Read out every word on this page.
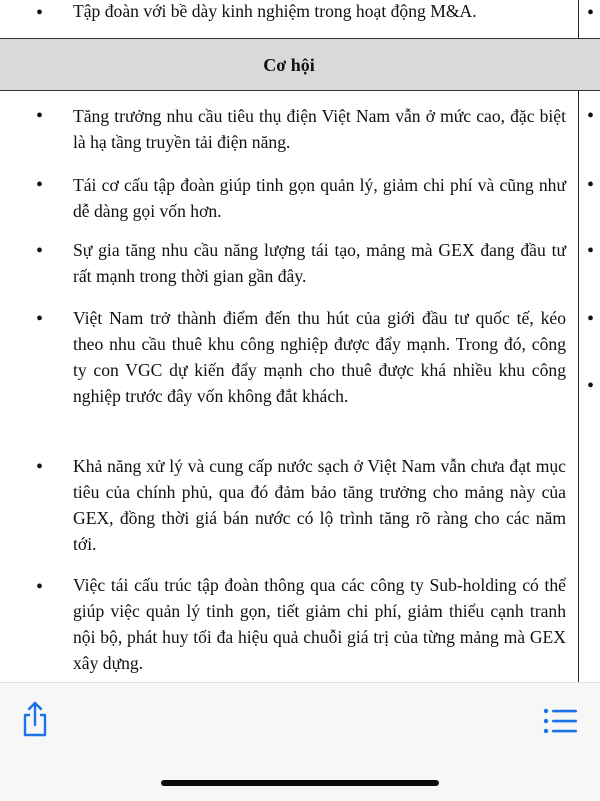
• Tập đoàn với bề dày kinh nghiệm trong hoạt động M&A.	•
Cơ hội
• Tăng trưởng nhu cầu tiêu thụ điện Việt Nam vẫn ở mức cao, đặc biệt là hạ tầng truyền tải điện năng.
•
• Tái cơ cấu tập đoàn giúp tinh gọn quản lý, giảm chi phí và cũng như dễ dàng gọi vốn hơn.
•
• Sự gia tăng nhu cầu năng lượng tái tạo, mảng mà GEX đang đầu tư rất mạnh trong thời gian gần đây.
•
• Việt Nam trở thành điểm đến thu hút của giới đầu tư quốc tế, kéo theo nhu cầu thuê khu công nghiệp được đẩy mạnh. Trong đó, công ty con VGC dự kiến đẩy mạnh cho thuê được khá nhiều khu công nghiệp trước đây vốn không đắt khách.
•
•
• Khả năng xử lý và cung cấp nước sạch ở Việt Nam vẫn chưa đạt mục tiêu của chính phủ, qua đó đảm bảo tăng trưởng cho mảng này của GEX, đồng thời giá bán nước có lộ trình tăng rõ ràng cho các năm tới.
• Việc tái cấu trúc tập đoàn thông qua các công ty Sub-holding có thể giúp việc quản lý tinh gọn, tiết giảm chi phí, giảm thiểu cạnh tranh nội bộ, phát huy tối đa hiệu quả chuỗi giá trị của từng mảng mà GEX xây dựng.
